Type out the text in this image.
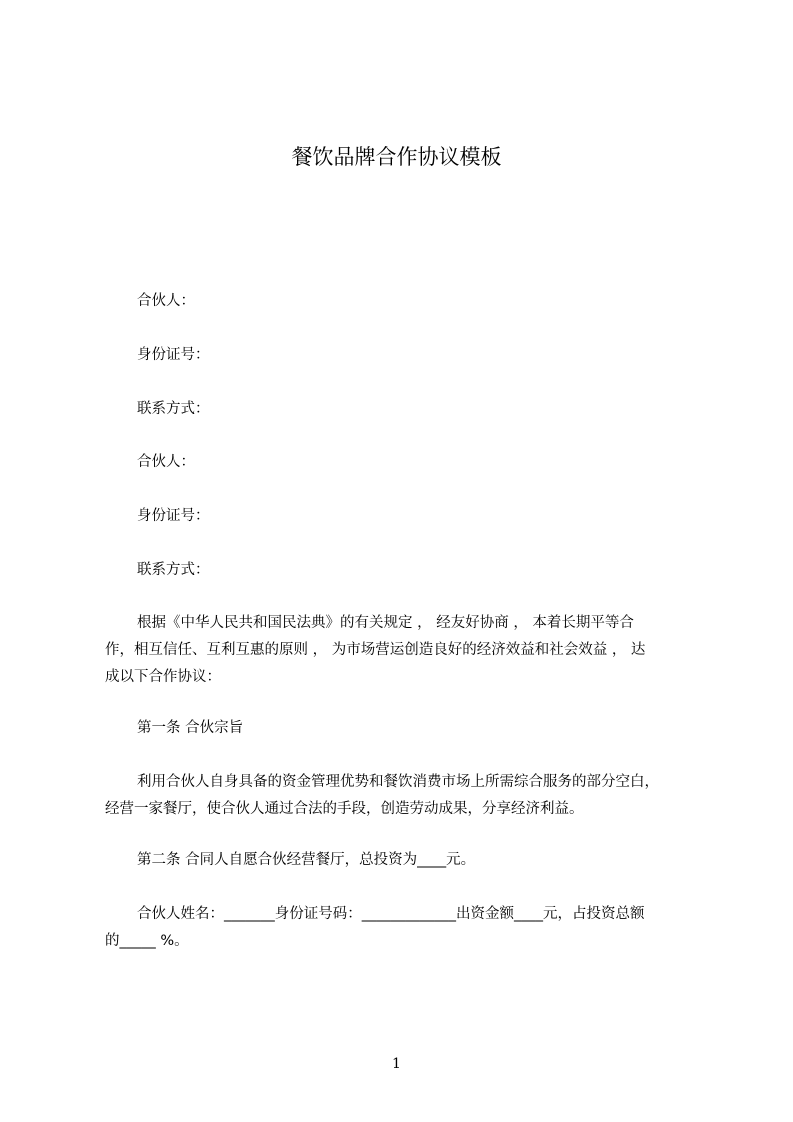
餐饮品牌合作协议模板
合伙人：
身份证号：
联系方式：
合伙人：
身份证号：
联系方式：
根据《中华人民共和国民法典》的有关规定 ， 经友好协商 ， 本着长期平等合
作，相互信任、互利互惠的原则 ， 为市场营运创造良好的经济效益和社会效益 ， 达
成以下合作协议：
第一条 合伙宗旨
利用合伙人自身具备的资金管理优势和餐饮消费市场上所需综合服务的部分空白，
经营一家餐厅，使合伙人通过合法的手段，创造劳动成果，分享经济利益。
第二条 合同人自愿合伙经营餐厅，总投资为____元。
合伙人姓名：_______身份证号码：_____________出资金额____元，占投资总额
的_____ %。
1
